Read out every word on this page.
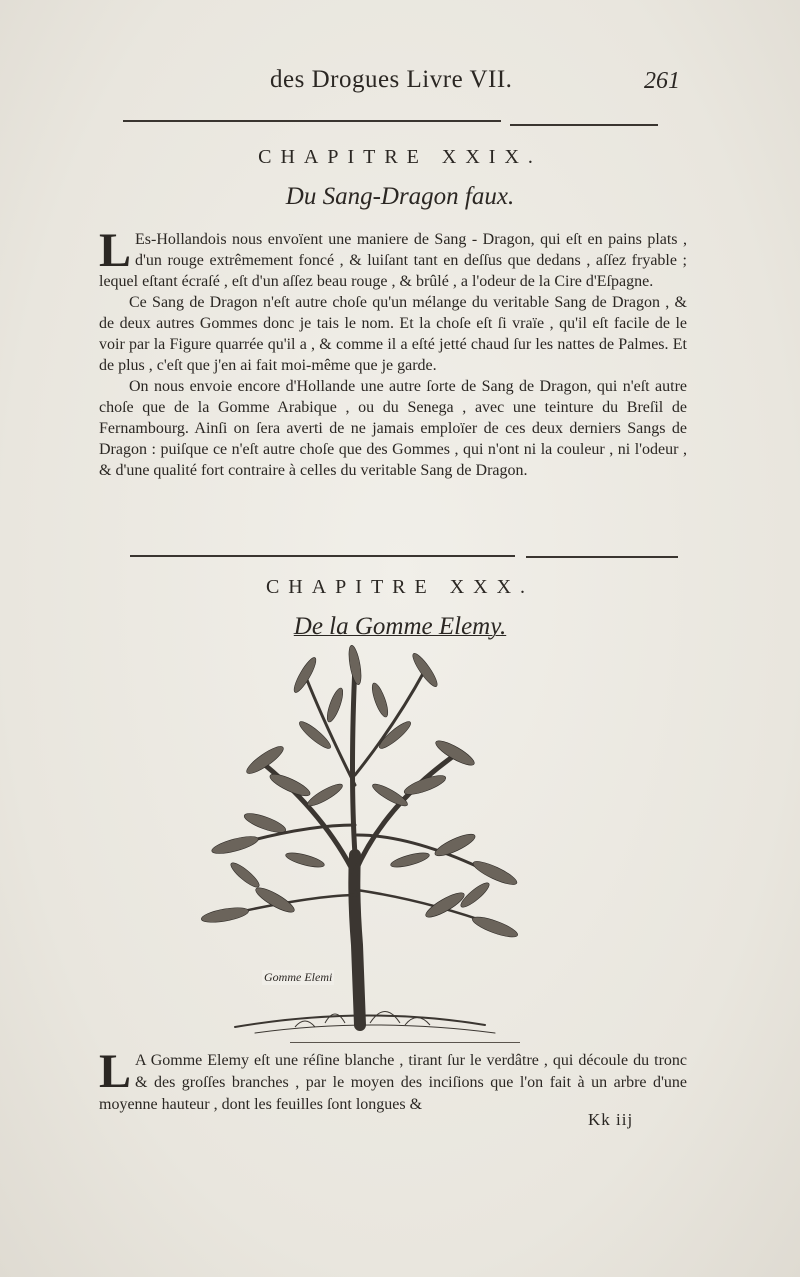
des Drogues Livre VII.	261
CHAPITRE XXIX.
Du Sang-Dragon faux.

L Es-Hollandois nous envoïent une maniere de Sang - Dragon, qui eſt en pains plats , d'un rouge extrêmement foncé , & luiſant tant en deſſus que dedans , aſſez fryable ; lequel eſtant écraſé , eſt d'un aſſez beau rouge , & brûlé , a l'odeur de la Cire d'Eſpagne.

Ce Sang de Dragon n'eſt autre choſe qu'un mélange du veritable Sang de Dragon , & de deux autres Gommes donc je tais le nom. Et la choſe eſt ſi vraïe , qu'il eſt facile de le voir par la Figure quarrée qu'il a , & comme il a eſté jetté chaud ſur les nattes de Palmes. Et de plus , c'eſt que j'en ai fait moi-même que je garde.

On nous envoie encore d'Hollande une autre ſorte de Sang de Dragon, qui n'eſt autre choſe que de la Gomme Arabique , ou du Senega , avec une teinture du Breſil de Fernambourg. Ainſi on ſera averti de ne jamais emploïer de ces deux derniers Sangs de Dragon : puiſque ce n'eſt autre choſe que des Gommes , qui n'ont ni la couleur , ni l'odeur , & d'une qualité fort contraire à celles du veritable Sang de Dragon.

CHAPITRE XXX.
De la Gomme Elemy.
Gomme Elemi

L A Gomme Elemy eſt une réſine blanche , tirant ſur le verdâtre , qui découle du tronc & des groſſes branches , par le moyen des inciſions que l'on fait à un arbre d'une moyenne hauteur , dont les feuilles ſont longues &

Kk iij
